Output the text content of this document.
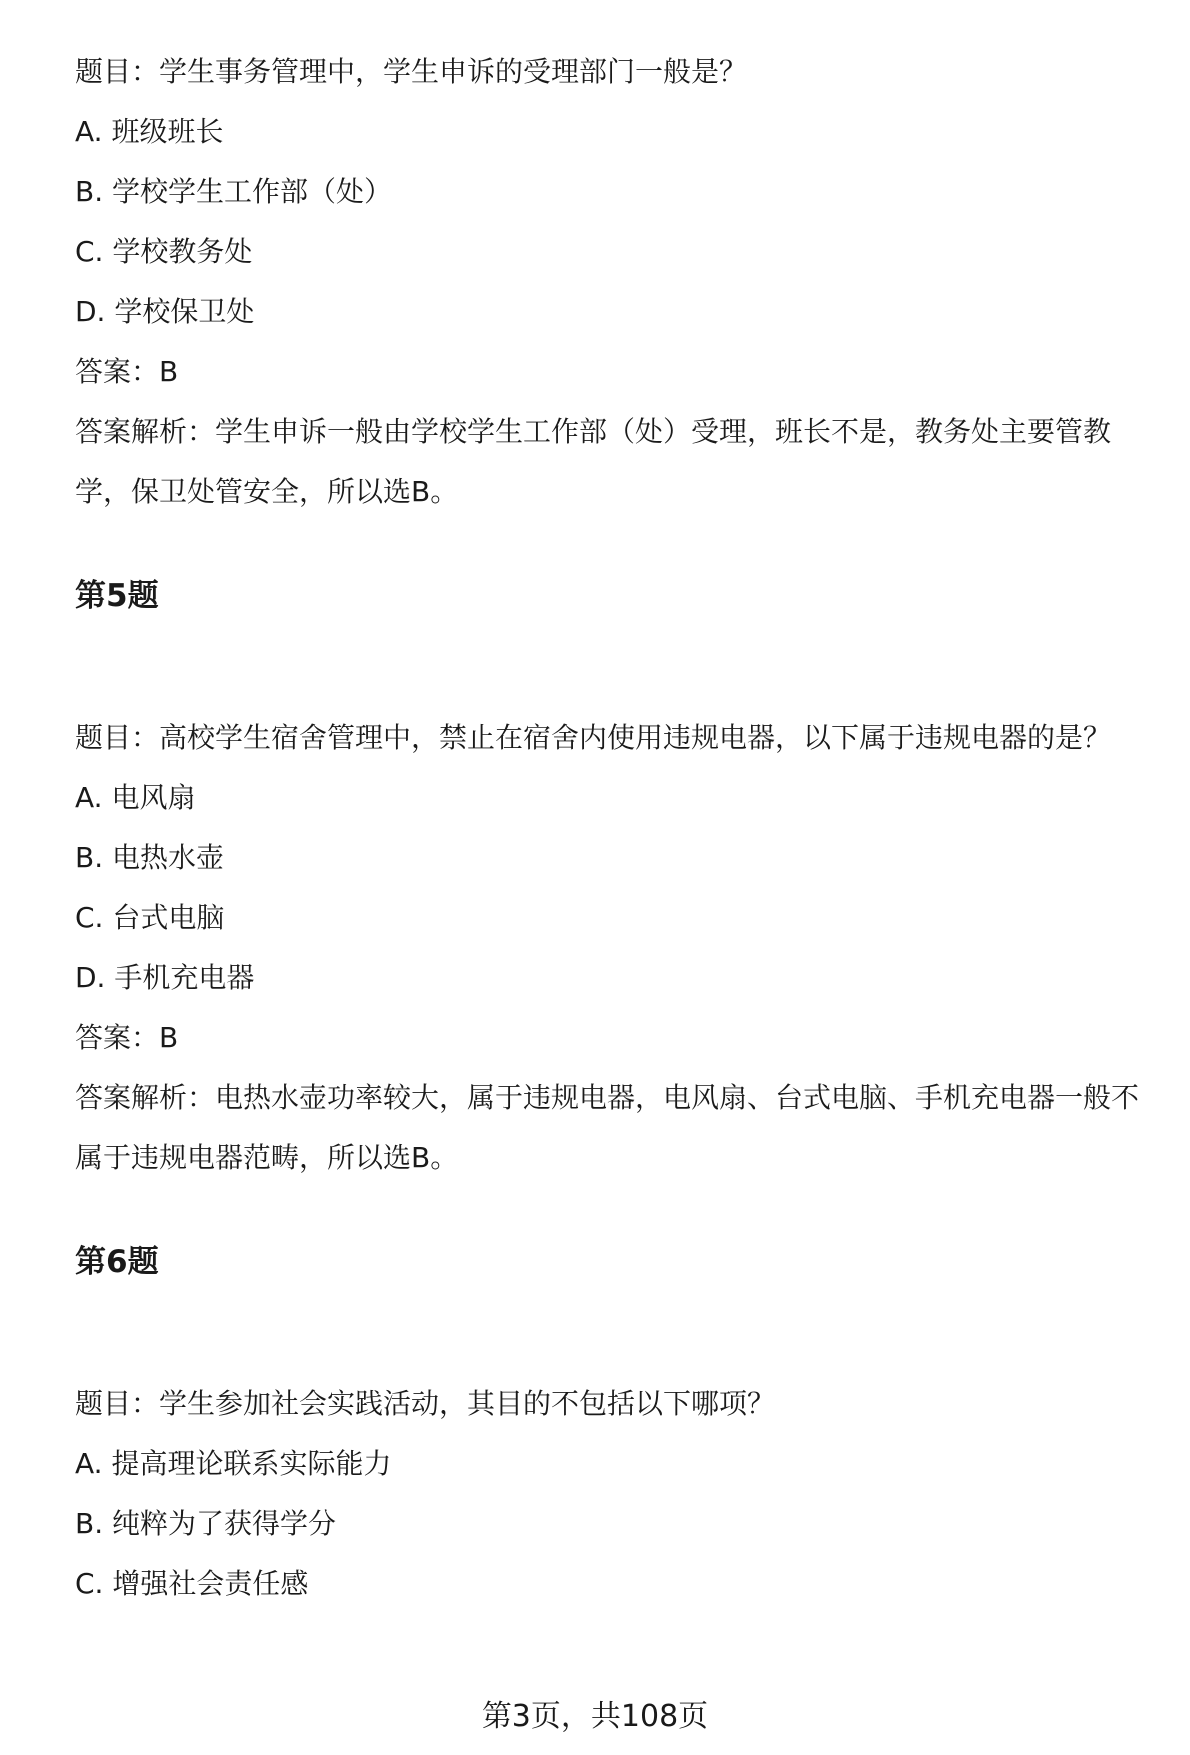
题目：学生事务管理中，学生申诉的受理部门一般是？

A. 班级班长

B. 学校学生工作部（处）

C. 学校教务处

D. 学校保卫处

答案：B

答案解析：学生申诉一般由学校学生工作部（处）受理，班长不是，教务处主要管教学，保卫处管安全，所以选B。

第5题

题目：高校学生宿舍管理中，禁止在宿舍内使用违规电器，以下属于违规电器的是？

A. 电风扇

B. 电热水壶

C. 台式电脑

D. 手机充电器

答案：B

答案解析：电热水壶功率较大，属于违规电器，电风扇、台式电脑、手机充电器一般不属于违规电器范畴，所以选B。

第6题

题目：学生参加社会实践活动，其目的不包括以下哪项？

A. 提高理论联系实际能力

B. 纯粹为了获得学分

C. 增强社会责任感

第3页，共108页
